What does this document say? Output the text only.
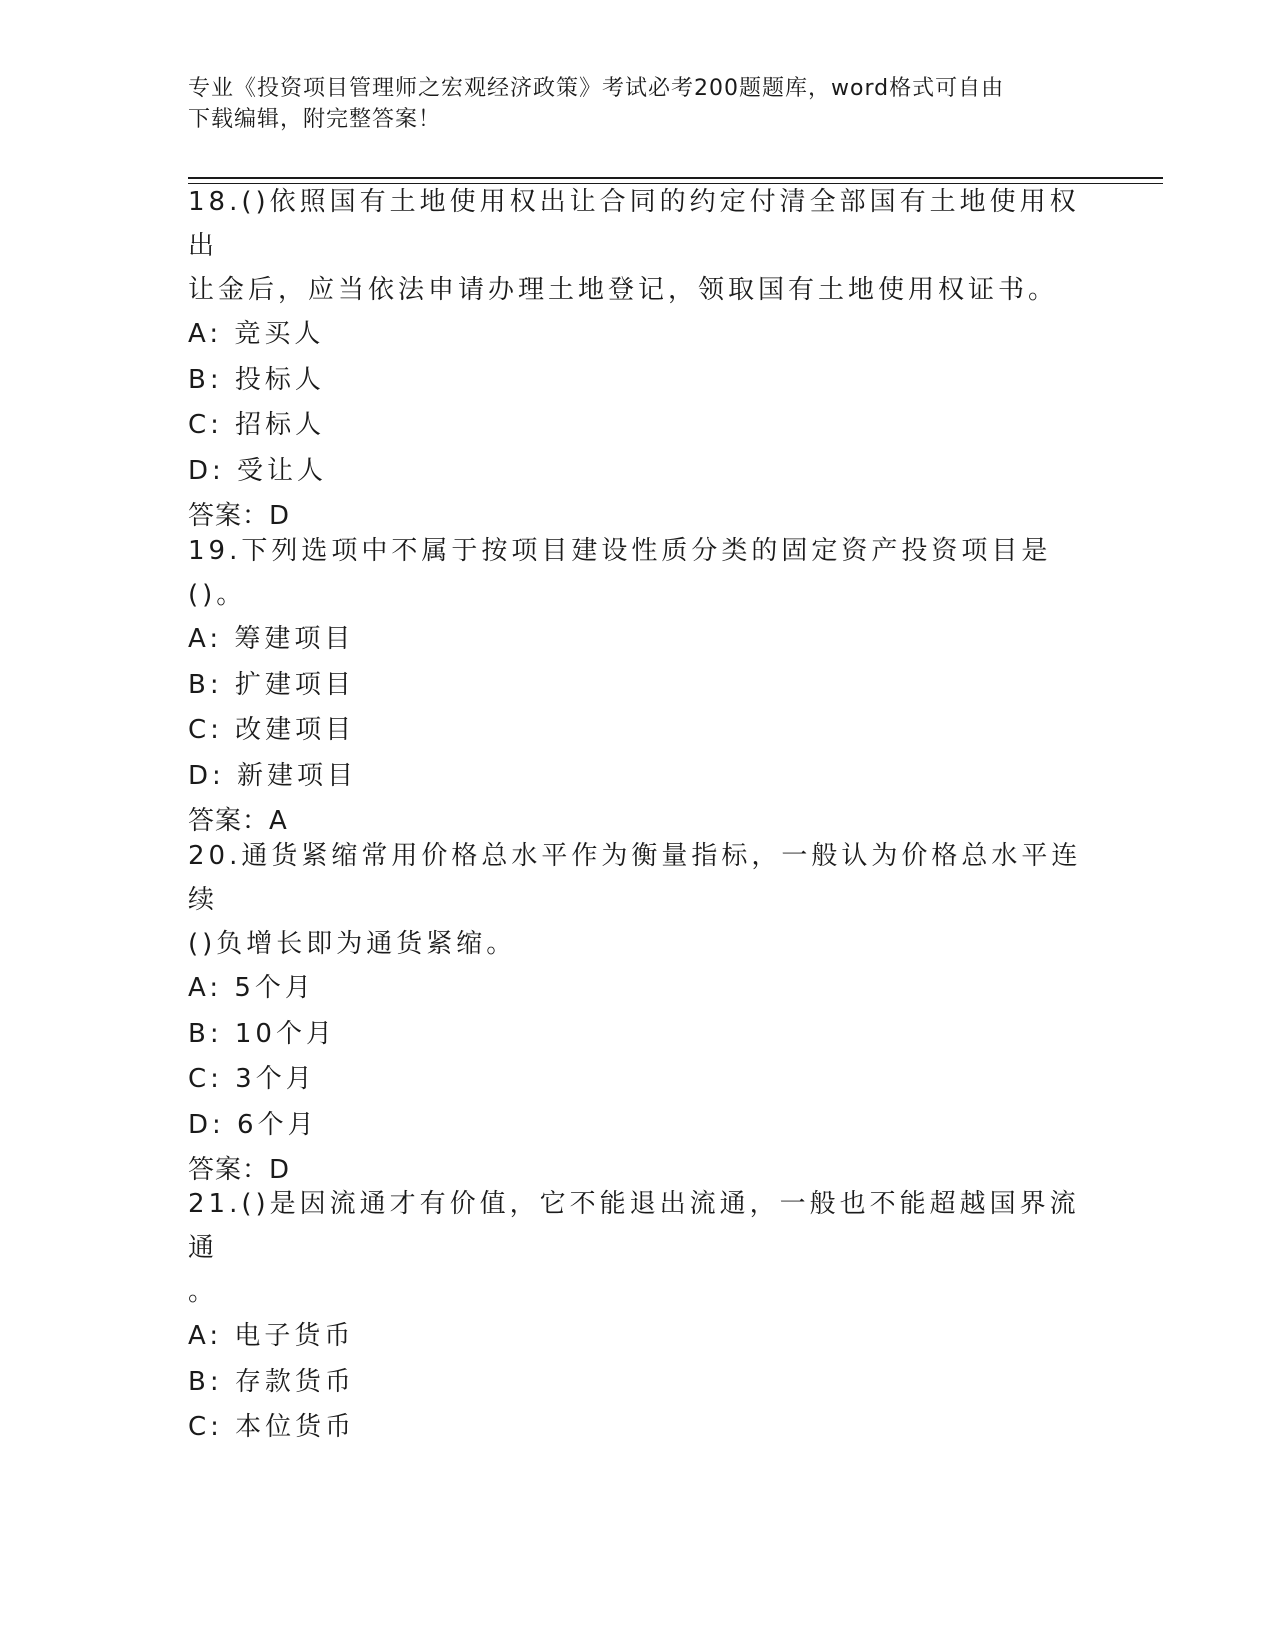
专业《投资项目管理师之宏观经济政策》考试必考200题题库，word格式可自由
下载编辑，附完整答案！

18.()依照国有土地使用权出让合同的约定付清全部国有土地使用权出

让金后，应当依法申请办理土地登记，领取国有土地使用权证书。

A: 竞买人

B: 投标人

C: 招标人

D: 受让人

答案：D

19.下列选项中不属于按项目建设性质分类的固定资产投资项目是()。

A: 筹建项目

B: 扩建项目

C: 改建项目

D: 新建项目

答案：A

20.通货紧缩常用价格总水平作为衡量指标，一般认为价格总水平连续

()负增长即为通货紧缩。

A: 5个月

B: 10个月

C: 3个月

D: 6个月

答案：D

21.()是因流通才有价值，它不能退出流通，一般也不能超越国界流通

。

A: 电子货币

B: 存款货币

C: 本位货币
